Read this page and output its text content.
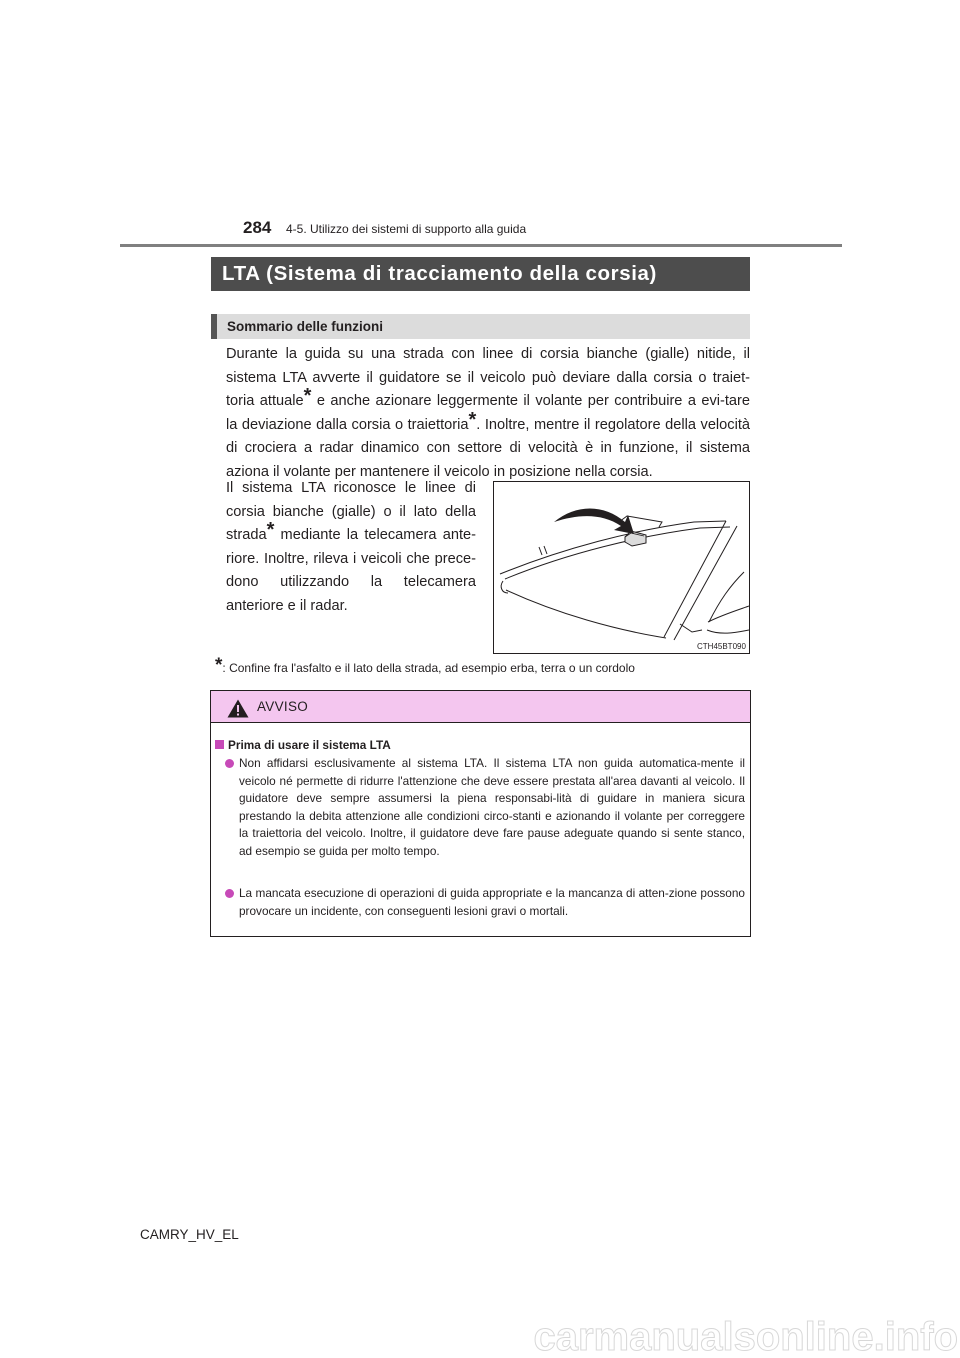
284 4-5. Utilizzo dei sistemi di supporto alla guida
LTA (Sistema di tracciamento della corsia)
Sommario delle funzioni
Durante la guida su una strada con linee di corsia bianche (gialle) nitide, il sistema LTA avverte il guidatore se il veicolo può deviare dalla corsia o traiet-toria attuale* e anche azionare leggermente il volante per contribuire a evi-tare la deviazione dalla corsia o traiettoria*. Inoltre, mentre il regolatore della velocità di crociera a radar dinamico con settore di velocità è in funzione, il sistema aziona il volante per mantenere il veicolo in posizione nella corsia.
Il sistema LTA riconosce le linee di corsia bianche (gialle) o il lato della strada* mediante la telecamera ante-riore. Inoltre, rileva i veicoli che prece-dono utilizzando la telecamera anteriore e il radar.
CTH45BT090
*: Confine fra l'asfalto e il lato della strada, ad esempio erba, terra o un cordolo
AVVISO
Prima di usare il sistema LTA
Non affidarsi esclusivamente al sistema LTA. Il sistema LTA non guida automatica-mente il veicolo né permette di ridurre l'attenzione che deve essere prestata all'area davanti al veicolo. Il guidatore deve sempre assumersi la piena responsabi-lità di guidare in maniera sicura prestando la debita attenzione alle condizioni circo-stanti e azionando il volante per correggere la traiettoria del veicolo. Inoltre, il guidatore deve fare pause adeguate quando si sente stanco, ad esempio se guida per molto tempo.
La mancata esecuzione di operazioni di guida appropriate e la mancanza di atten-zione possono provocare un incidente, con conseguenti lesioni gravi o mortali.
CAMRY_HV_EL
carmanualsonline.info
